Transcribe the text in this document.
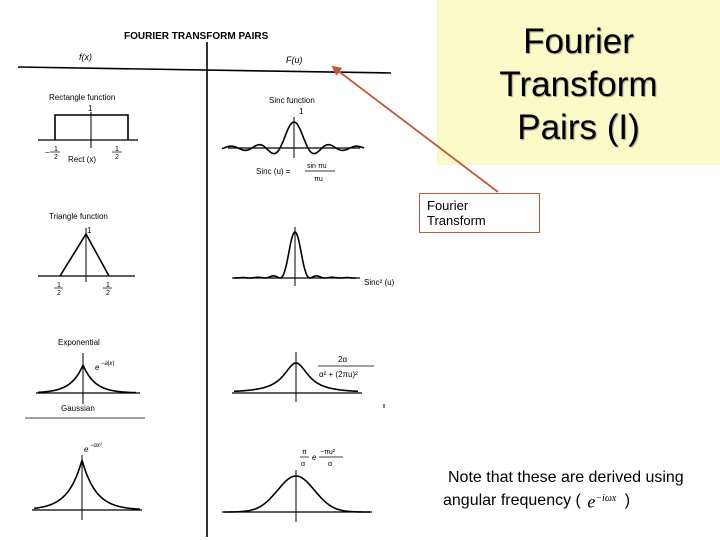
FOURIER TRANSFORM PAIRS
f(x)	F(u)
Rectangle function
1
1
2
−	1
2
Rect (x)
Sinc function
1
Sinc (u) =
sin πu
πu
Triangle function
1
1
2
1
2
Sinc² (u)
Exponential
e −a|x|	2α
α² + (2πu)²
Gaussian
e −αx²
π
α
e
−πu²
α
Fourier
Transform
Pairs (I)
Fourier
Transform
Note that these are derived using
angular frequency ( $e^{-i\omega x}$ )
